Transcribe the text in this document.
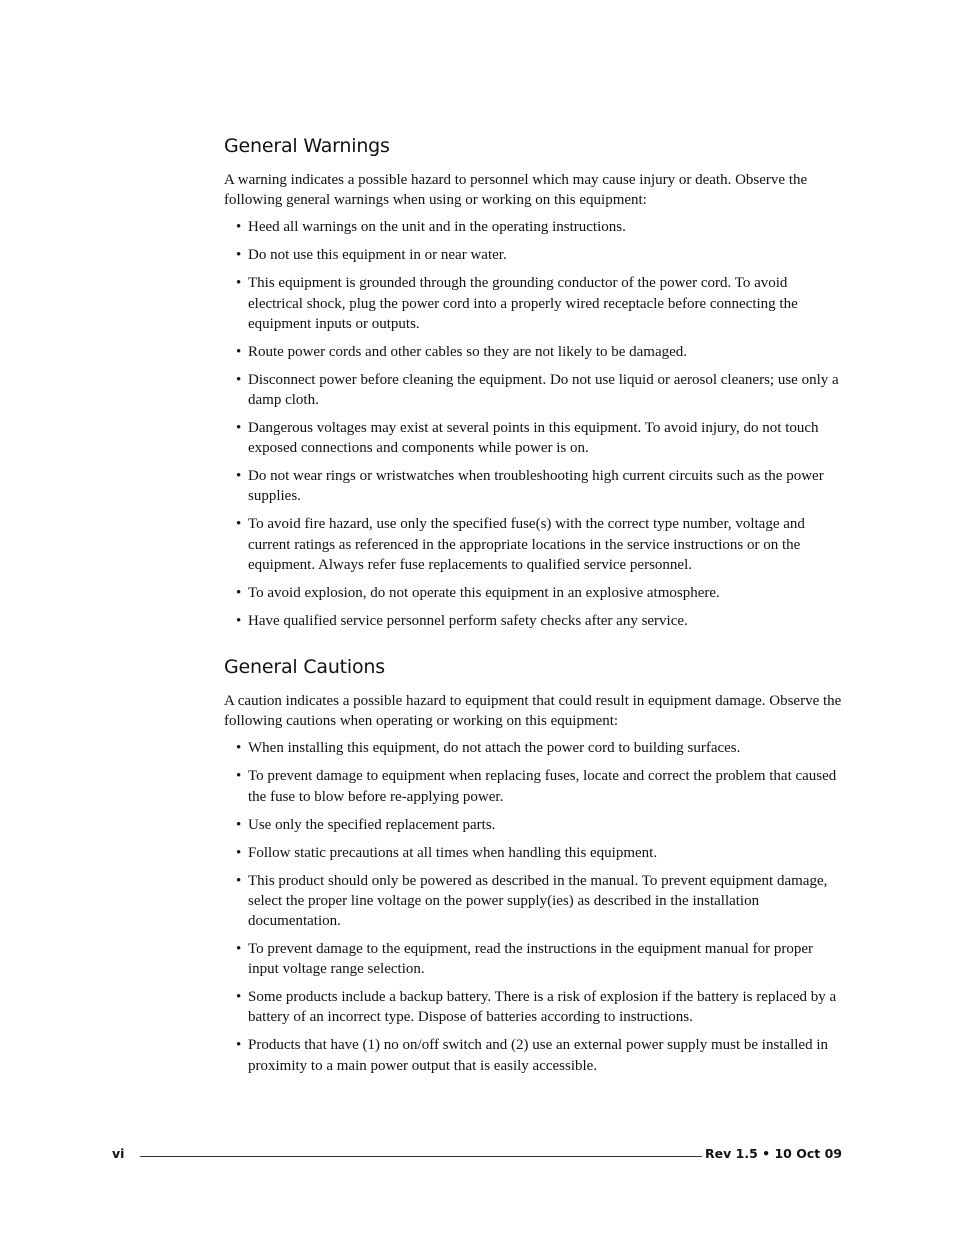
General Warnings

A warning indicates a possible hazard to personnel which may cause injury or death. Observe the following general warnings when using or working on this equipment:

• Heed all warnings on the unit and in the operating instructions.
• Do not use this equipment in or near water.
• This equipment is grounded through the grounding conductor of the power cord. To avoid electrical shock, plug the power cord into a properly wired receptacle before connecting the equipment inputs or outputs.
• Route power cords and other cables so they are not likely to be damaged.
• Disconnect power before cleaning the equipment. Do not use liquid or aerosol cleaners; use only a damp cloth.
• Dangerous voltages may exist at several points in this equipment. To avoid injury, do not touch exposed connections and components while power is on.
• Do not wear rings or wristwatches when troubleshooting high current circuits such as the power supplies.
• To avoid fire hazard, use only the specified fuse(s) with the correct type number, voltage and current ratings as referenced in the appropriate locations in the service instructions or on the equipment. Always refer fuse replacements to qualified service personnel.
• To avoid explosion, do not operate this equipment in an explosive atmosphere.
• Have qualified service personnel perform safety checks after any service.
General Cautions

A caution indicates a possible hazard to equipment that could result in equipment damage. Observe the following cautions when operating or working on this equipment:

• When installing this equipment, do not attach the power cord to building surfaces.
• To prevent damage to equipment when replacing fuses, locate and correct the problem that caused the fuse to blow before re-applying power.
• Use only the specified replacement parts.
• Follow static precautions at all times when handling this equipment.
• This product should only be powered as described in the manual. To prevent equipment damage, select the proper line voltage on the power supply(ies) as described in the installation documentation.
• To prevent damage to the equipment, read the instructions in the equipment manual for proper input voltage range selection.
• Some products include a backup battery. There is a risk of explosion if the battery is replaced by a battery of an incorrect type. Dispose of batteries according to instructions.
• Products that have (1) no on/off switch and (2) use an external power supply must be installed in proximity to a main power output that is easily accessible.
vi	Rev 1.5 • 10 Oct 09
